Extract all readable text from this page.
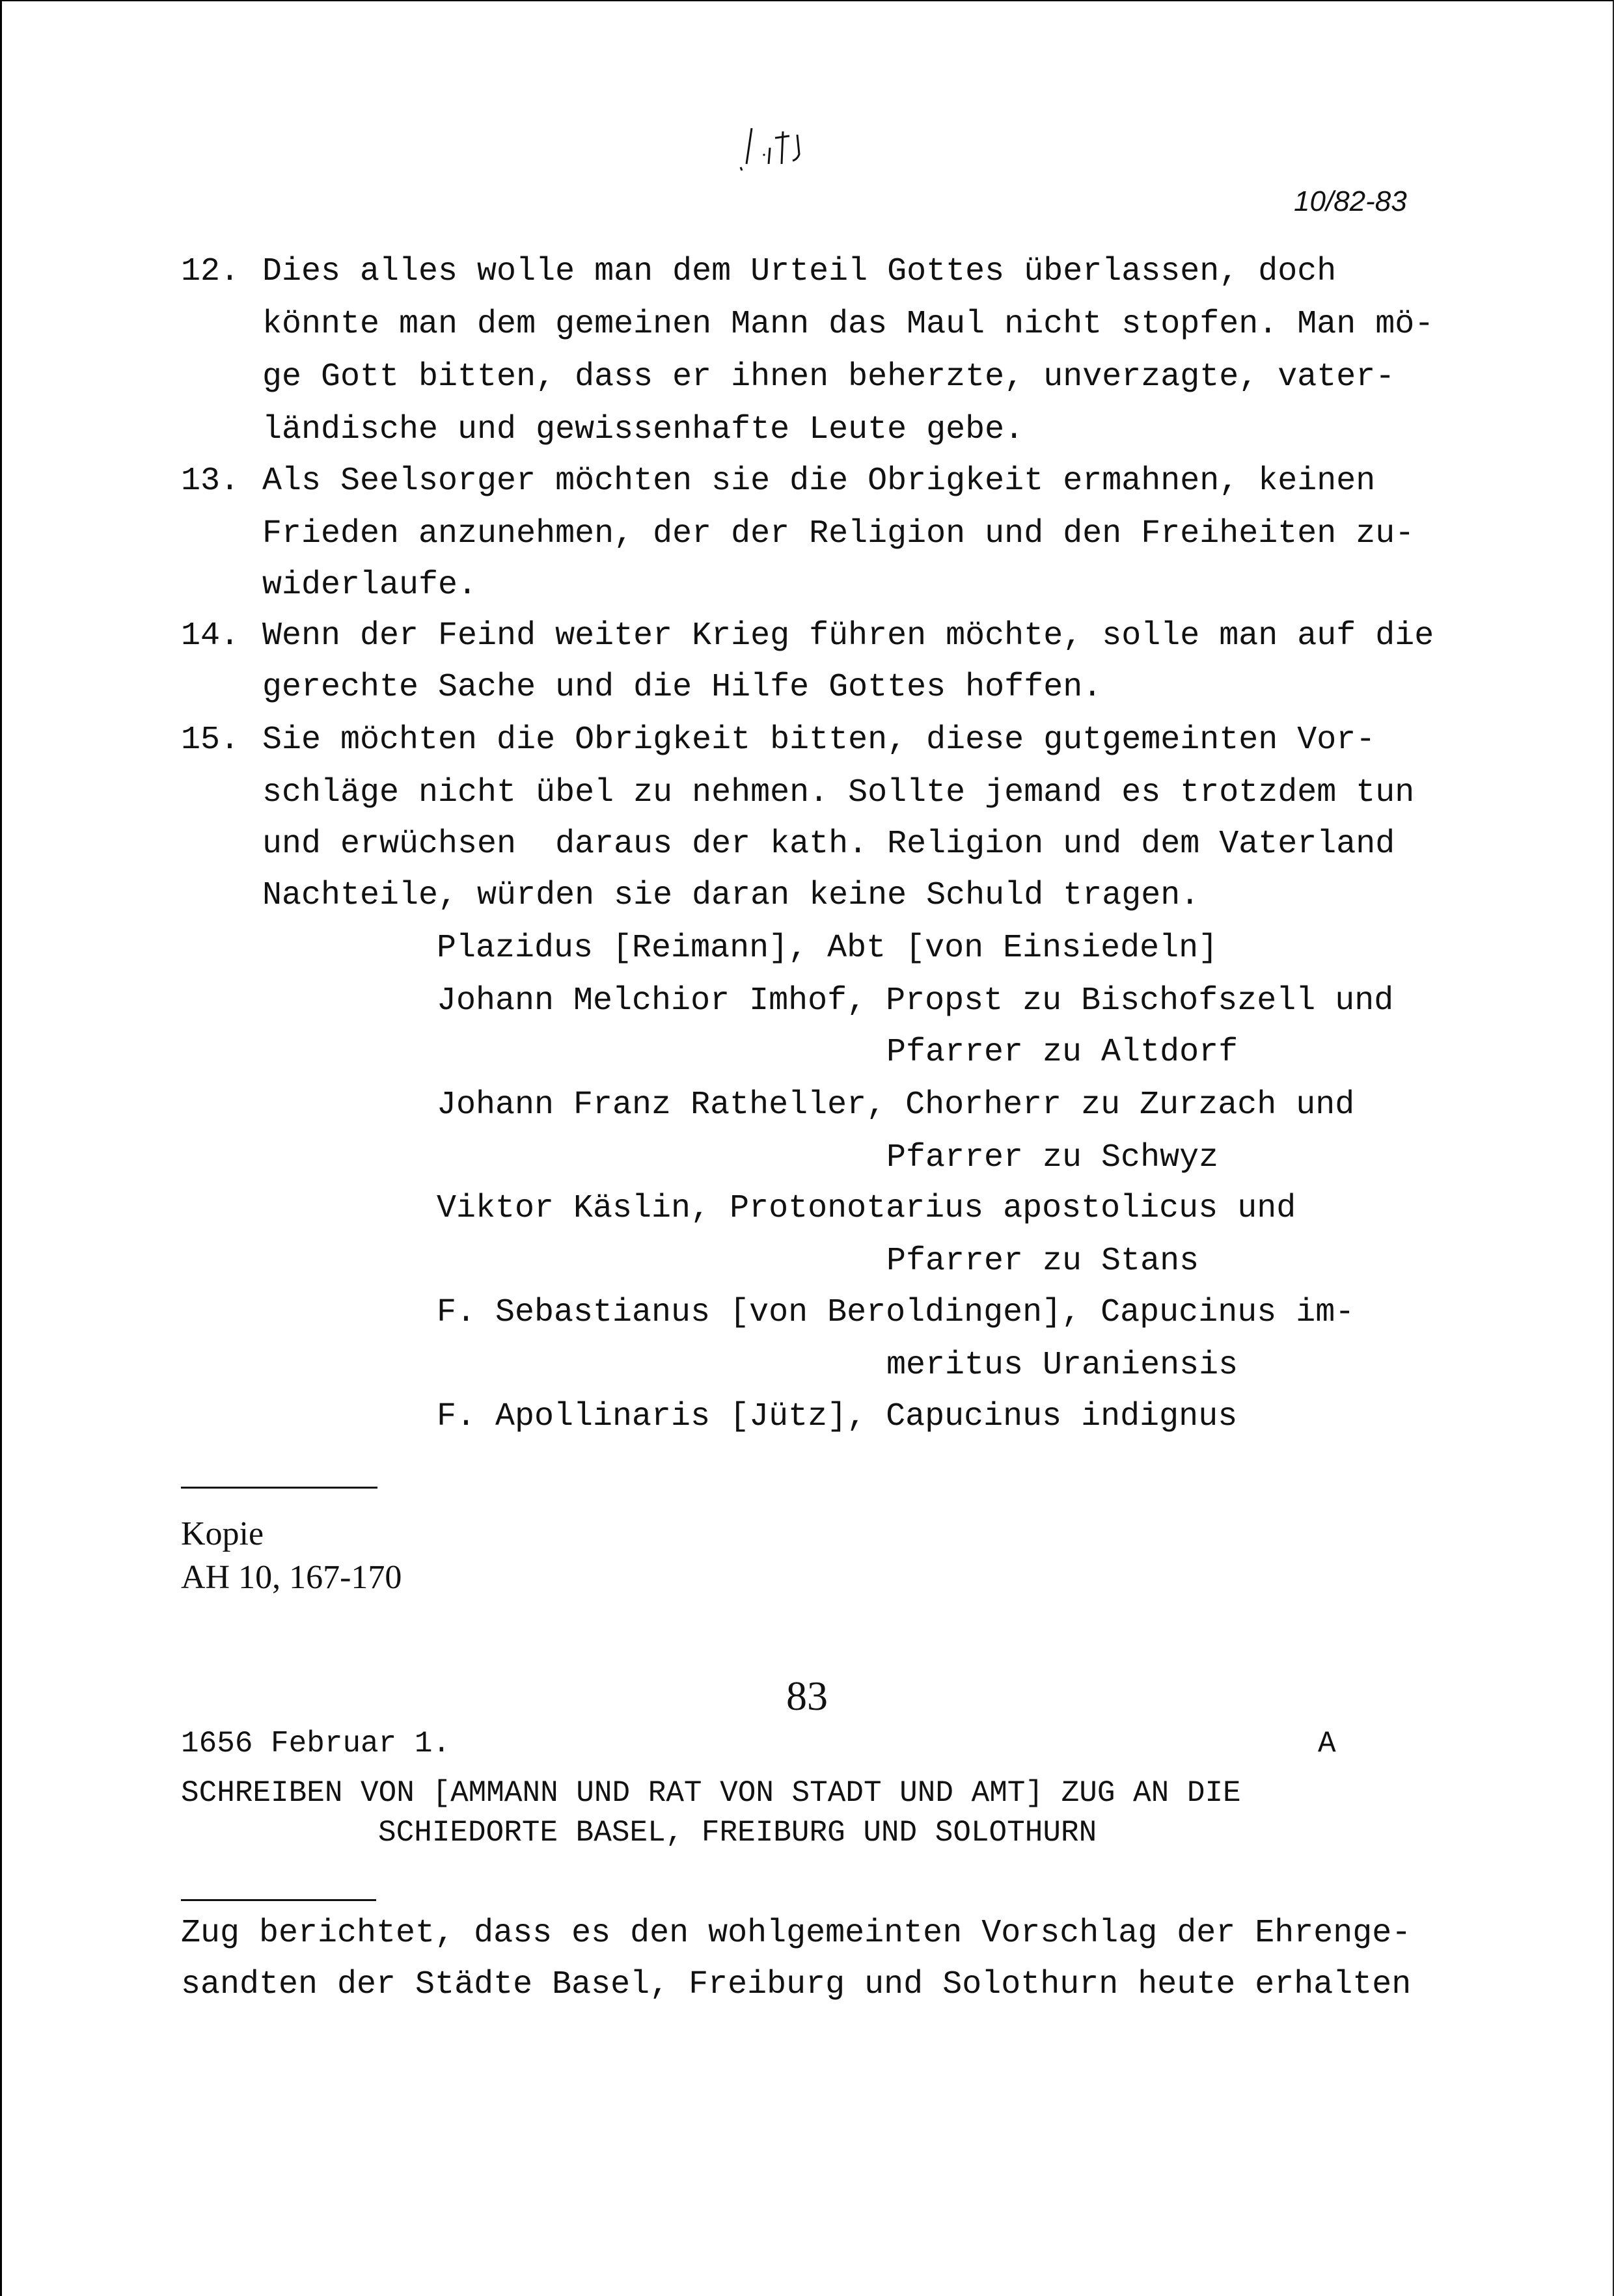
10/82-83
12. Dies alles wolle man dem Urteil Gottes überlassen, doch
könnte man dem gemeinen Mann das Maul nicht stopfen. Man mö-
ge Gott bitten, dass er ihnen beherzte, unverzagte, vater-
ländische und gewissenhafte Leute gebe.
13. Als Seelsorger möchten sie die Obrigkeit ermahnen, keinen
Frieden anzunehmen, der der Religion und den Freiheiten zu-
widerlaufe.
14. Wenn der Feind weiter Krieg führen möchte, solle man auf die
gerechte Sache und die Hilfe Gottes hoffen.
15. Sie möchten die Obrigkeit bitten, diese gutgemeinten Vor-
schläge nicht übel zu nehmen. Sollte jemand es trotzdem tun
und erwüchsen  daraus der kath. Religion und dem Vaterland
Nachteile, würden sie daran keine Schuld tragen.
Plazidus [Reimann], Abt [von Einsiedeln]
Johann Melchior Imhof, Propst zu Bischofszell und
Pfarrer zu Altdorf
Johann Franz Ratheller, Chorherr zu Zurzach und
Pfarrer zu Schwyz
Viktor Käslin, Protonotarius apostolicus und
Pfarrer zu Stans
F. Sebastianus [von Beroldingen], Capucinus im-
meritus Uraniensis
F. Apollinaris [Jütz], Capucinus indignus
Kopie
AH 10, 167-170
83
1656 Februar 1.	A
SCHREIBEN VON [AMMANN UND RAT VON STADT UND AMT] ZUG AN DIE
SCHIEDORTE BASEL, FREIBURG UND SOLOTHURN
Zug berichtet, dass es den wohlgemeinten Vorschlag der Ehrenge-
sandten der Städte Basel, Freiburg und Solothurn heute erhalten
